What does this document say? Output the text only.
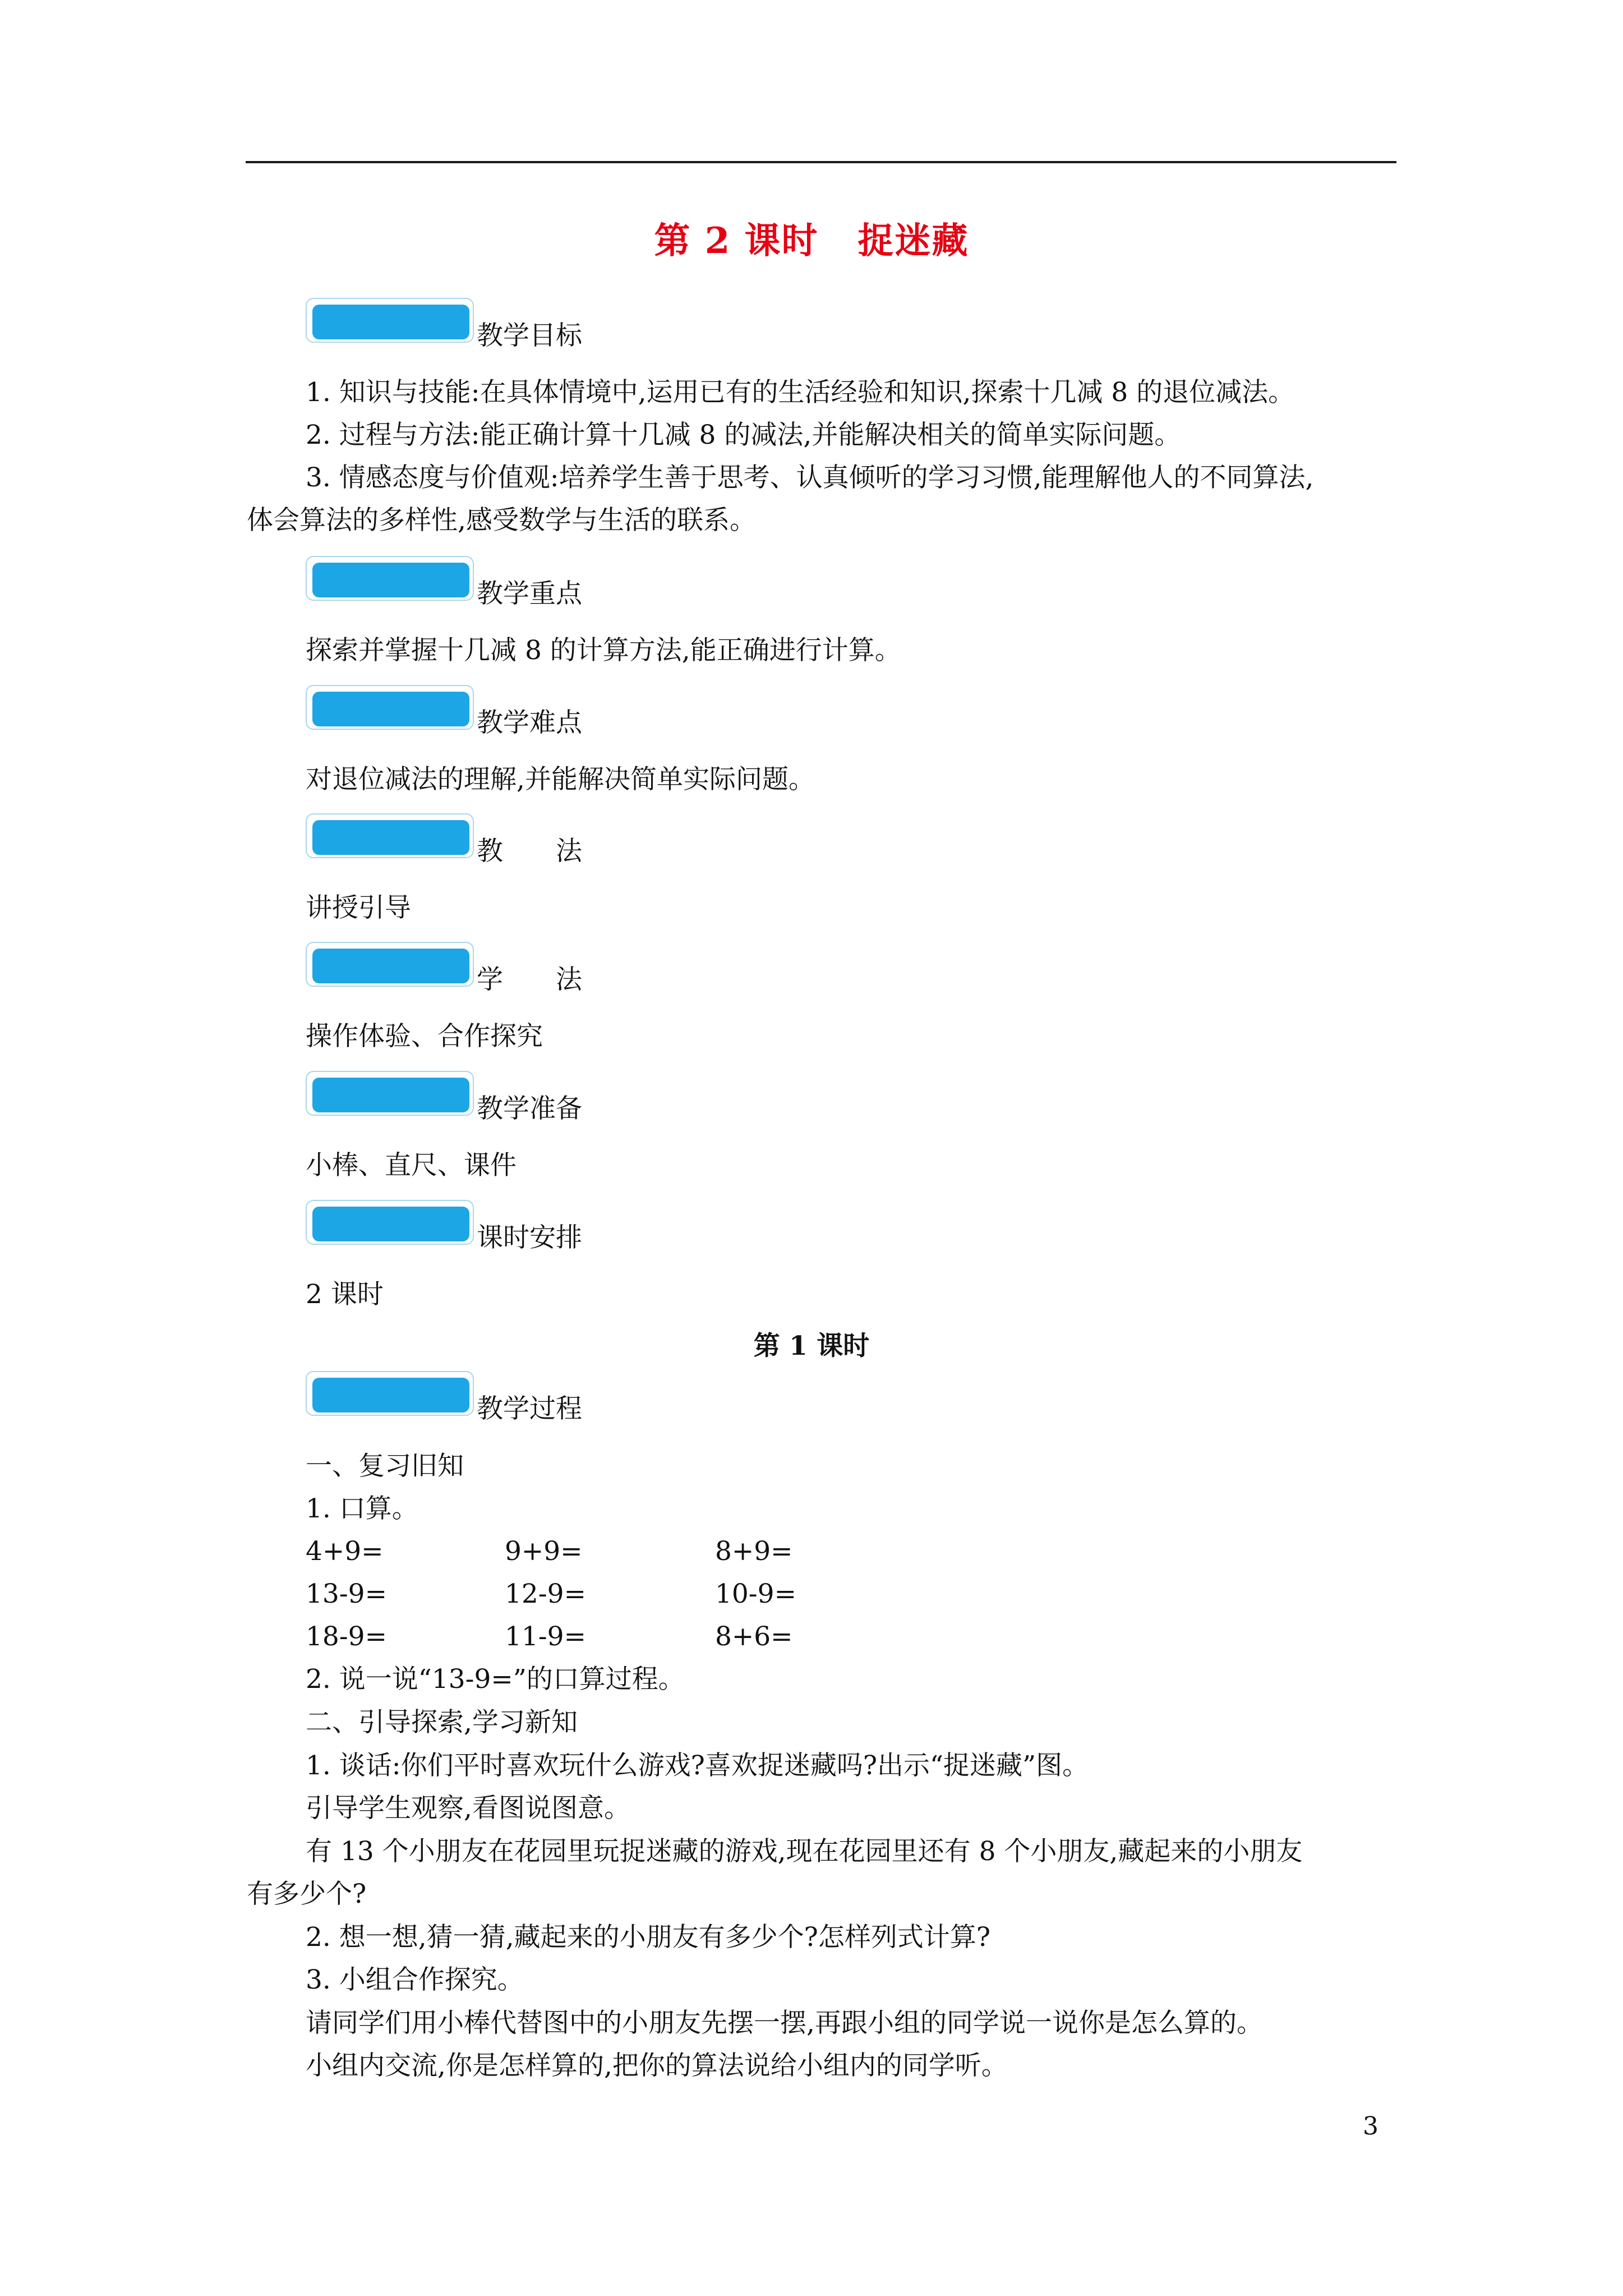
第 2 课时 捉迷藏
教学目标
1. 知识与技能:在具体情境中,运用已有的生活经验和知识,探索十几减 8 的退位减法。
2. 过程与方法:能正确计算十几减 8 的减法,并能解决相关的简单实际问题。
3. 情感态度与价值观:培养学生善于思考、认真倾听的学习习惯,能理解他人的不同算法,
体会算法的多样性,感受数学与生活的联系。
教学重点
探索并掌握十几减 8 的计算方法,能正确进行计算。
教学难点
对退位减法的理解,并能解决简单实际问题。
教　　法
讲授引导
学　　法
操作体验、合作探究
教学准备
小棒、直尺、课件
课时安排
2 课时
第 1 课时
教学过程
一、复习旧知
1. 口算。
4+9=	9+9=	8+9=
13-9=	12-9=	10-9=
18-9=	11-9=	8+6=
2. 说一说“13-9=”的口算过程。
二、引导探索,学习新知
1. 谈话:你们平时喜欢玩什么游戏?喜欢捉迷藏吗?出示“捉迷藏”图。
引导学生观察,看图说图意。
有 13 个小朋友在花园里玩捉迷藏的游戏,现在花园里还有 8 个小朋友,藏起来的小朋友
有多少个?
2. 想一想,猜一猜,藏起来的小朋友有多少个?怎样列式计算?
3. 小组合作探究。
请同学们用小棒代替图中的小朋友先摆一摆,再跟小组的同学说一说你是怎么算的。
小组内交流,你是怎样算的,把你的算法说给小组内的同学听。
3
